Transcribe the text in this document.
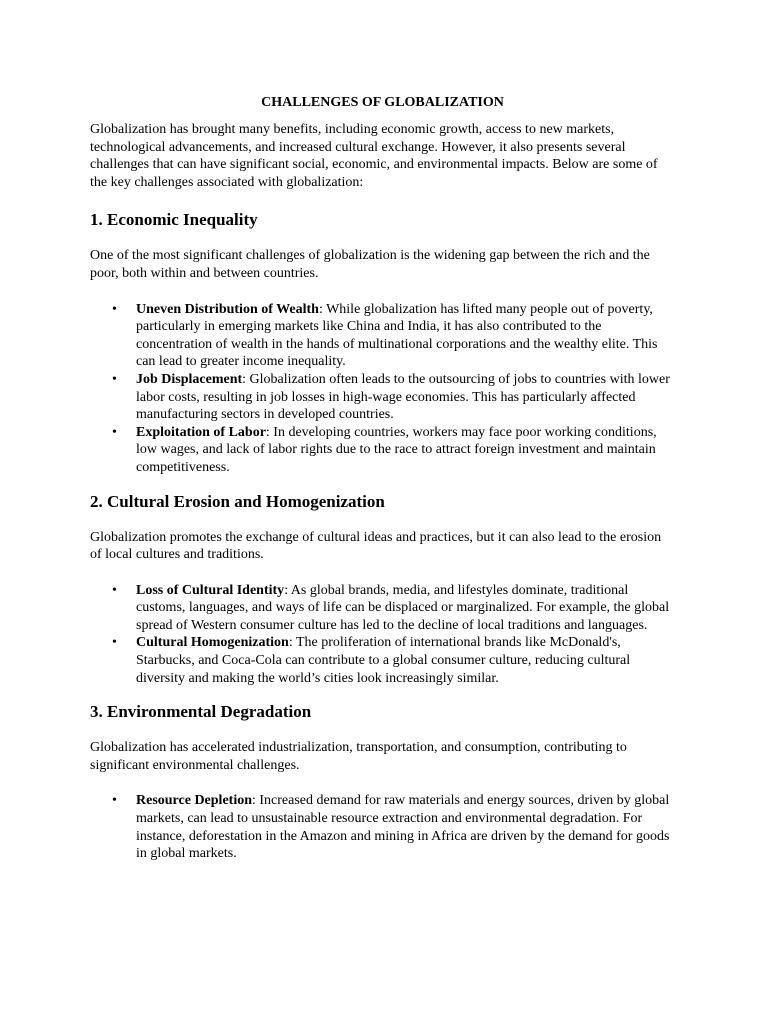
CHALLENGES OF GLOBALIZATION

Globalization has brought many benefits, including economic growth, access to new markets, technological advancements, and increased cultural exchange. However, it also presents several challenges that can have significant social, economic, and environmental impacts. Below are some of the key challenges associated with globalization:

1. Economic Inequality

One of the most significant challenges of globalization is the widening gap between the rich and the poor, both within and between countries.

• Uneven Distribution of Wealth: While globalization has lifted many people out of poverty, particularly in emerging markets like China and India, it has also contributed to the concentration of wealth in the hands of multinational corporations and the wealthy elite. This can lead to greater income inequality.
• Job Displacement: Globalization often leads to the outsourcing of jobs to countries with lower labor costs, resulting in job losses in high-wage economies. This has particularly affected manufacturing sectors in developed countries.
• Exploitation of Labor: In developing countries, workers may face poor working conditions, low wages, and lack of labor rights due to the race to attract foreign investment and maintain competitiveness.
2. Cultural Erosion and Homogenization

Globalization promotes the exchange of cultural ideas and practices, but it can also lead to the erosion of local cultures and traditions.

• Loss of Cultural Identity: As global brands, media, and lifestyles dominate, traditional customs, languages, and ways of life can be displaced or marginalized. For example, the global spread of Western consumer culture has led to the decline of local traditions and languages.
• Cultural Homogenization: The proliferation of international brands like McDonald's, Starbucks, and Coca-Cola can contribute to a global consumer culture, reducing cultural diversity and making the world’s cities look increasingly similar.
3. Environmental Degradation

Globalization has accelerated industrialization, transportation, and consumption, contributing to significant environmental challenges.

• Resource Depletion: Increased demand for raw materials and energy sources, driven by global markets, can lead to unsustainable resource extraction and environmental degradation. For instance, deforestation in the Amazon and mining in Africa are driven by the demand for goods in global markets.
